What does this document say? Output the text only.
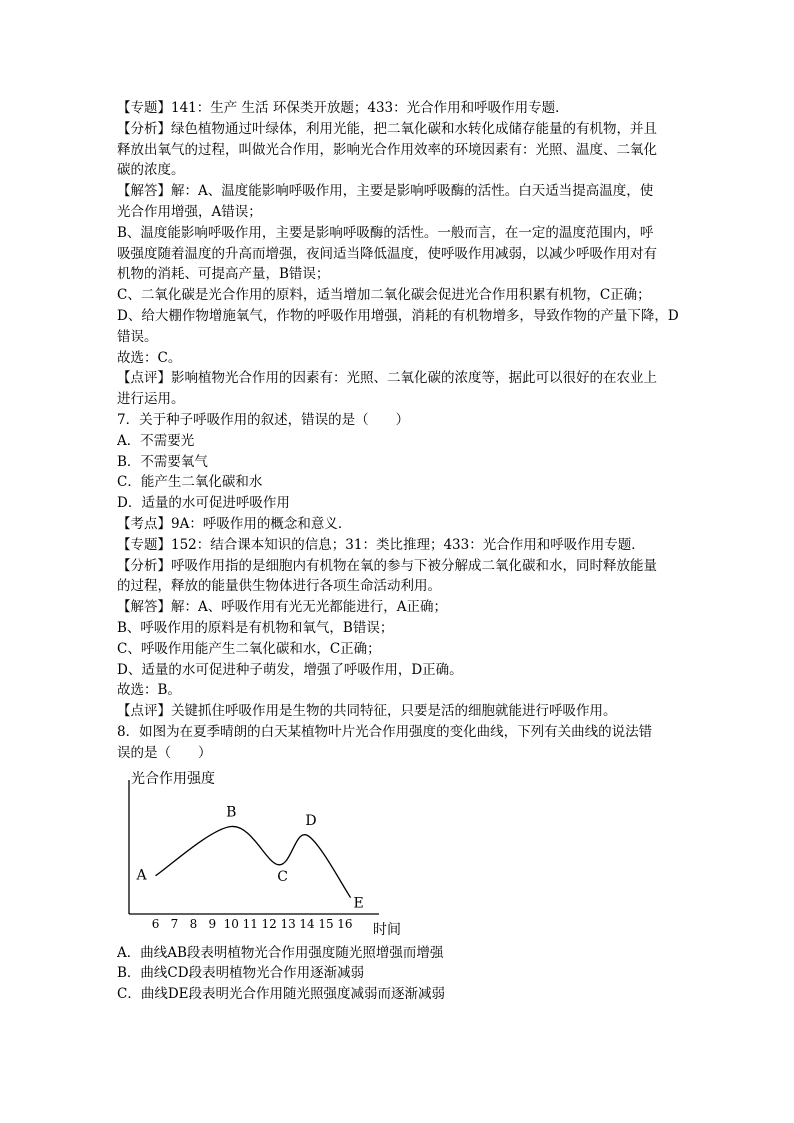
【专题】141：生产 生活 环保类开放题；433：光合作用和呼吸作用专题．
【分析】绿色植物通过叶绿体，利用光能，把二氧化碳和水转化成储存能量的有机物，并且
释放出氧气的过程，叫做光合作用，影响光合作用效率的环境因素有：光照、温度、二氧化
碳的浓度。
【解答】解：A、温度能影响呼吸作用，主要是影响呼吸酶的活性。白天适当提高温度，使
光合作用增强，A错误；
B、温度能影响呼吸作用，主要是影响呼吸酶的活性。一般而言，在一定的温度范围内，呼
吸强度随着温度的升高而增强，夜间适当降低温度，使呼吸作用减弱，以减少呼吸作用对有
机物的消耗、可提高产量，B错误；
C、二氧化碳是光合作用的原料，适当增加二氧化碳会促进光合作用积累有机物，C正确；
D、给大棚作物增施氧气，作物的呼吸作用增强，消耗的有机物增多，导致作物的产量下降，D
错误。
故选：C。
【点评】影响植物光合作用的因素有：光照、二氧化碳的浓度等，据此可以很好的在农业上
进行运用。
7．关于种子呼吸作用的叙述，错误的是（　　）
A．不需要光
B．不需要氧气
C．能产生二氧化碳和水
D．适量的水可促进呼吸作用
【考点】9A：呼吸作用的概念和意义．
【专题】152：结合课本知识的信息；31：类比推理；433：光合作用和呼吸作用专题．
【分析】呼吸作用指的是细胞内有机物在氧的参与下被分解成二氧化碳和水，同时释放能量
的过程，释放的能量供生物体进行各项生命活动利用。
【解答】解：A、呼吸作用有光无光都能进行，A正确；
B、呼吸作用的原料是有机物和氧气，B错误；
C、呼吸作用能产生二氧化碳和水，C正确；
D、适量的水可促进种子萌发，增强了呼吸作用，D正确。
故选：B。
【点评】关键抓住呼吸作用是生物的共同特征，只要是活的细胞就能进行呼吸作用。
8．如图为在夏季晴朗的白天某植物叶片光合作用强度的变化曲线，下列有关曲线的说法错
误的是（　　）
6 7 8 9 10 11 12 13 14 15 16
A
B
C
D
E
光合作用强度
时间
A．曲线AB段表明植物光合作用强度随光照增强而增强
B．曲线CD段表明植物光合作用逐渐减弱
C．曲线DE段表明光合作用随光照强度减弱而逐渐减弱
